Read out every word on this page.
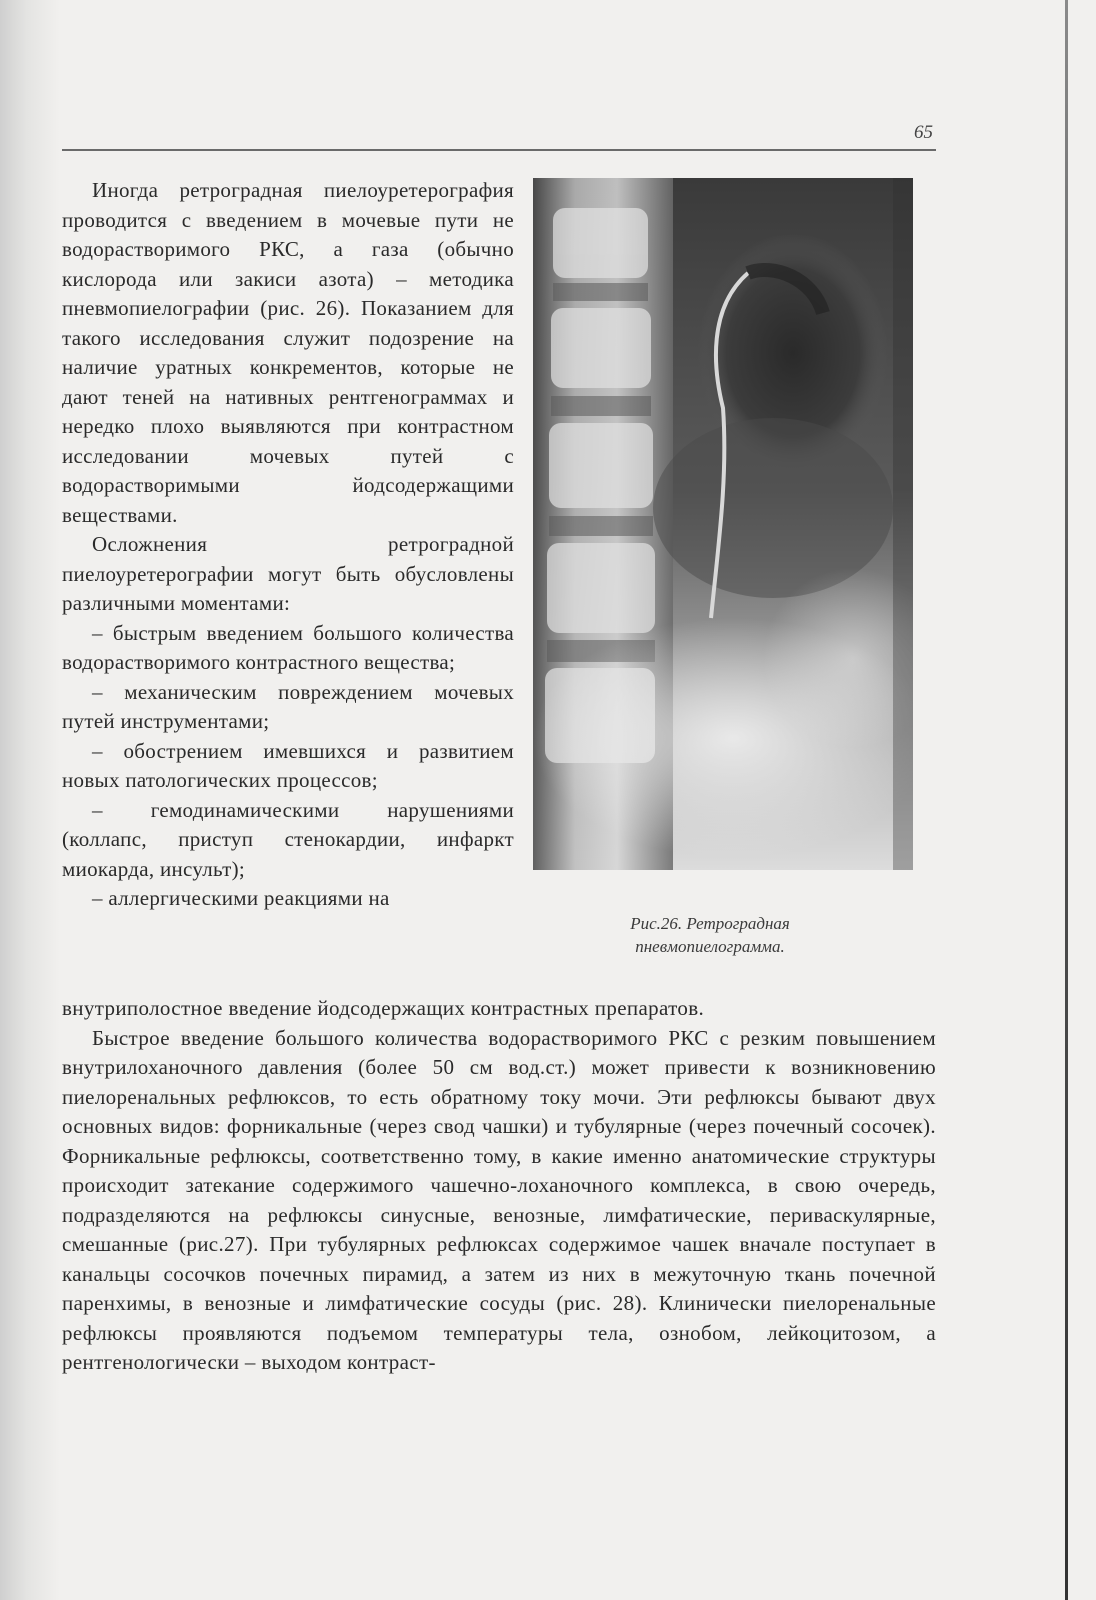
65

Иногда ретроградная пиелоуретерография проводится с введением в мочевые пути не водорастворимого РКС, а газа (обычно кислорода или закиси азота) – методика пневмопиелографии (рис. 26). Показанием для такого исследования служит подозрение на наличие уратных конкрементов, которые не дают теней на нативных рентгенограммах и нередко плохо выявляются при контрастном исследовании мочевых путей с водорастворимыми йодсодержащими веществами.

Осложнения ретроградной пиелоуретерографии могут быть обусловлены различными моментами:

– быстрым введением большого количества водорастворимого контрастного вещества;

– механическим повреждением мочевых путей инструментами;

– обострением имевшихся и развитием новых патологических процессов;

– гемодинамическими нарушениями (коллапс, приступ стенокардии, инфаркт миокарда, инсульт);

– аллергическими реакциями на

Рис.26. Ретроградная
пневмопиелограмма.

внутриполостное введение йодсодержащих контрастных препаратов.

Быстрое введение большого количества водорастворимого РКС с резким повышением внутрилоханочного давления (более 50 см вод.ст.) может привести к возникновению пиелоренальных рефлюксов, то есть обратному току мочи. Эти рефлюксы бывают двух основных видов: форникальные (через свод чашки) и тубулярные (через почечный сосочек). Форникальные рефлюксы, соответственно тому, в какие именно анатомические структуры происходит затекание содержимого чашечно-лоханочного комплекса, в свою очередь, подразделяются на рефлюксы синусные, венозные, лимфатические, периваскулярные, смешанные (рис.27). При тубулярных рефлюксах содержимое чашек вначале поступает в канальцы сосочков почечных пирамид, а затем из них в межуточную ткань почечной паренхимы, в венозные и лимфатические сосуды (рис. 28). Клинически пиелоренальные рефлюксы проявляются подъемом температуры тела, ознобом, лейкоцитозом, а рентгенологически – выходом контраст-
